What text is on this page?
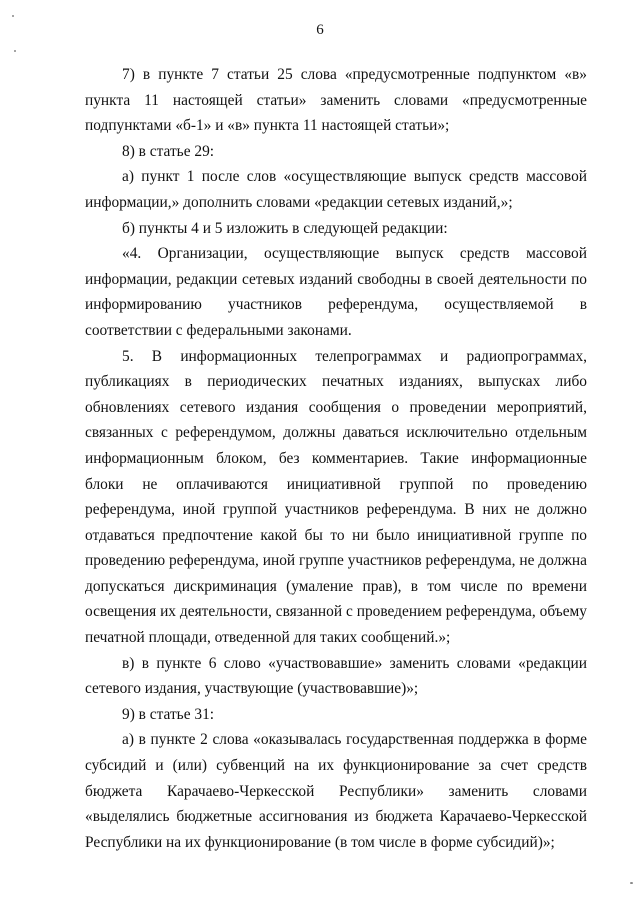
6

7) в пункте 7 статьи 25 слова «предусмотренные подпунктом «в» пункта 11 настоящей статьи» заменить словами «предусмотренные подпунктами «б-1» и «в» пункта 11 настоящей статьи»;

8) в статье 29:

а) пункт 1 после слов «осуществляющие выпуск средств массовой информации,» дополнить словами «редакции сетевых изданий,»;

б) пункты 4 и 5 изложить в следующей редакции:

«4. Организации, осуществляющие выпуск средств массовой информации, редакции сетевых изданий свободны в своей деятельности по информированию участников референдума, осуществляемой в соответствии с федеральными законами.

5. В информационных телепрограммах и радиопрограммах, публикациях в периодических печатных изданиях, выпусках либо обновлениях сетевого издания сообщения о проведении мероприятий, связанных с референдумом, должны даваться исключительно отдельным информационным блоком, без комментариев. Такие информационные блоки не оплачиваются инициативной группой по проведению референдума, иной группой участников референдума. В них не должно отдаваться предпочтение какой бы то ни было инициативной группе по проведению референдума, иной группе участников референдума, не должна допускаться дискриминация (умаление прав), в том числе по времени освещения их деятельности, связанной с проведением референдума, объему печатной площади, отведенной для таких сообщений.»;

в) в пункте 6 слово «участвовавшие» заменить словами «редакции сетевого издания, участвующие (участвовавшие)»;

9) в статье 31:

а) в пункте 2 слова «оказывалась государственная поддержка в форме субсидий и (или) субвенций на их функционирование за счет средств бюджета Карачаево-Черкесской Республики» заменить словами «выделялись бюджетные ассигнования из бюджета Карачаево-Черкесской Республики на их функционирование (в том числе в форме субсидий)»;
